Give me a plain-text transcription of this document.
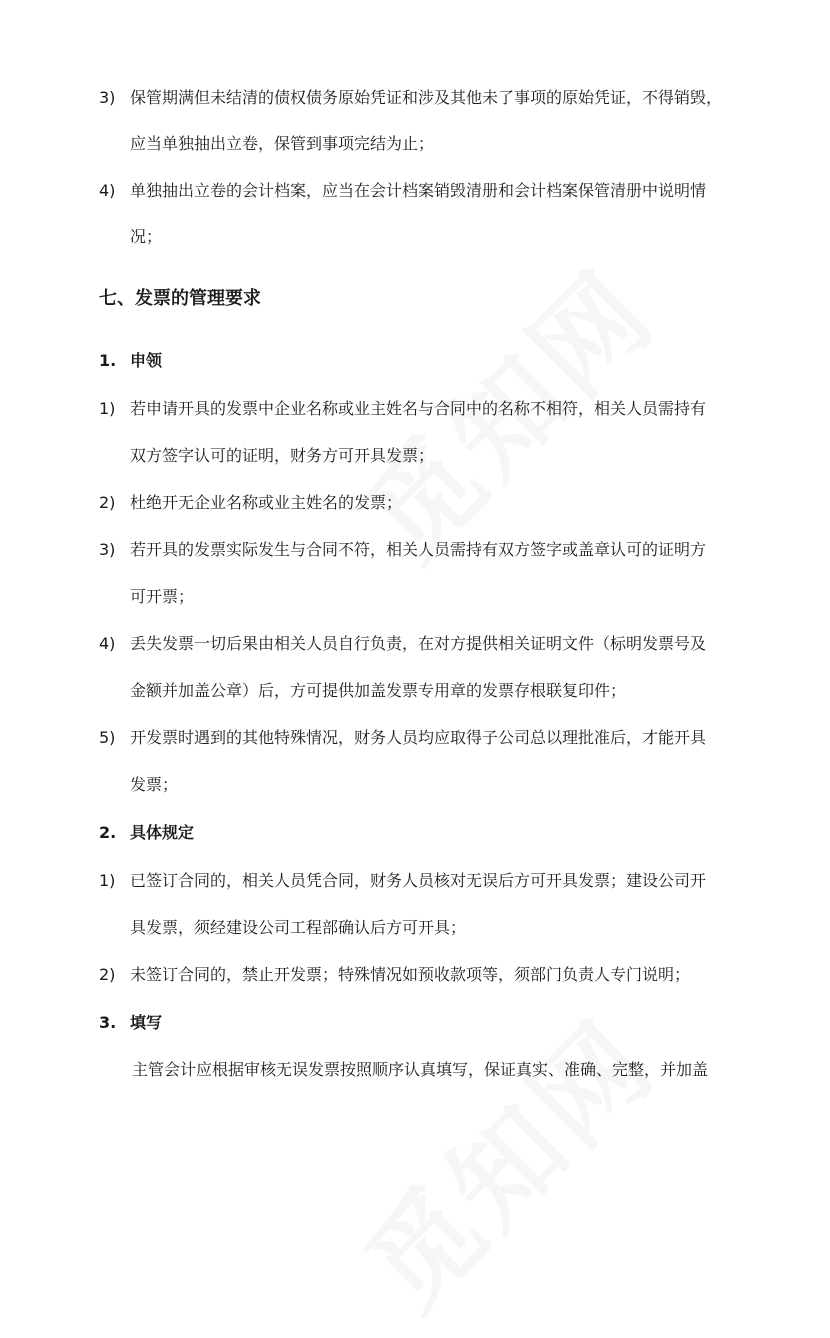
3) 保管期满但未结清的债权债务原始凭证和涉及其他未了事项的原始凭证，不得销毁，
应当单独抽出立卷，保管到事项完结为止；
4) 单独抽出立卷的会计档案，应当在会计档案销毁清册和会计档案保管清册中说明情
况；
七、发票的管理要求
1. 申领
1) 若申请开具的发票中企业名称或业主姓名与合同中的名称不相符，相关人员需持有
双方签字认可的证明，财务方可开具发票；
2) 杜绝开无企业名称或业主姓名的发票；
3) 若开具的发票实际发生与合同不符，相关人员需持有双方签字或盖章认可的证明方
可开票；
4) 丢失发票一切后果由相关人员自行负责，在对方提供相关证明文件（标明发票号及
金额并加盖公章）后，方可提供加盖发票专用章的发票存根联复印件；
5) 开发票时遇到的其他特殊情况，财务人员均应取得子公司总以理批准后，才能开具
发票；
2. 具体规定
1) 已签订合同的，相关人员凭合同，财务人员核对无误后方可开具发票；建设公司开
具发票，须经建设公司工程部确认后方可开具；
2) 未签订合同的，禁止开发票；特殊情况如预收款项等，须部门负责人专门说明；
3. 填写
主管会计应根据审核无误发票按照顺序认真填写，保证真实、准确、完整，并加盖
